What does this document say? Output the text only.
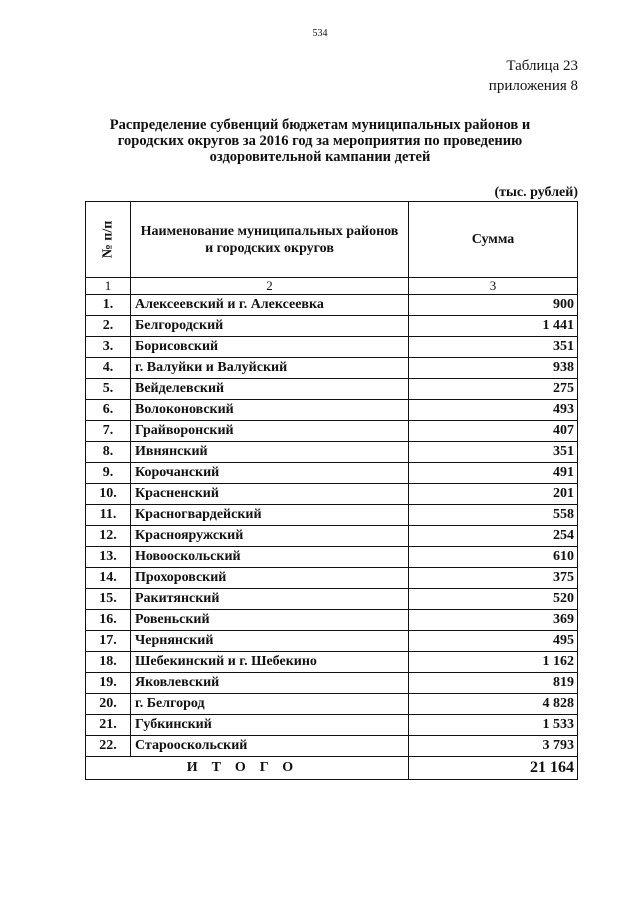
534
Таблица 23
приложения 8
Распределение субвенций бюджетам муниципальных районов и городских округов за 2016 год за мероприятия по проведению оздоровительной кампании детей
(тыс. рублей)
№ п/п	Наименование муниципальных районов и городских округов	Сумма
1	2	3
1.	Алексеевский и г. Алексеевка	900
2.	Белгородский	1 441
3.	Борисовский	351
4.	г. Валуйки и Валуйский	938
5.	Вейделевский	275
6.	Волоконовский	493
7.	Грайворонский	407
8.	Ивнянский	351
9.	Корочанский	491
10.	Красненский	201
11.	Красногвардейский	558
12.	Краснояружский	254
13.	Новооскольский	610
14.	Прохоровский	375
15.	Ракитянский	520
16.	Ровеньский	369
17.	Чернянский	495
18.	Шебекинский и г. Шебекино	1 162
19.	Яковлевский	819
20.	г. Белгород	4 828
21.	Губкинский	1 533
22.	Старооскольский	3 793
ИТОГО		21 164
